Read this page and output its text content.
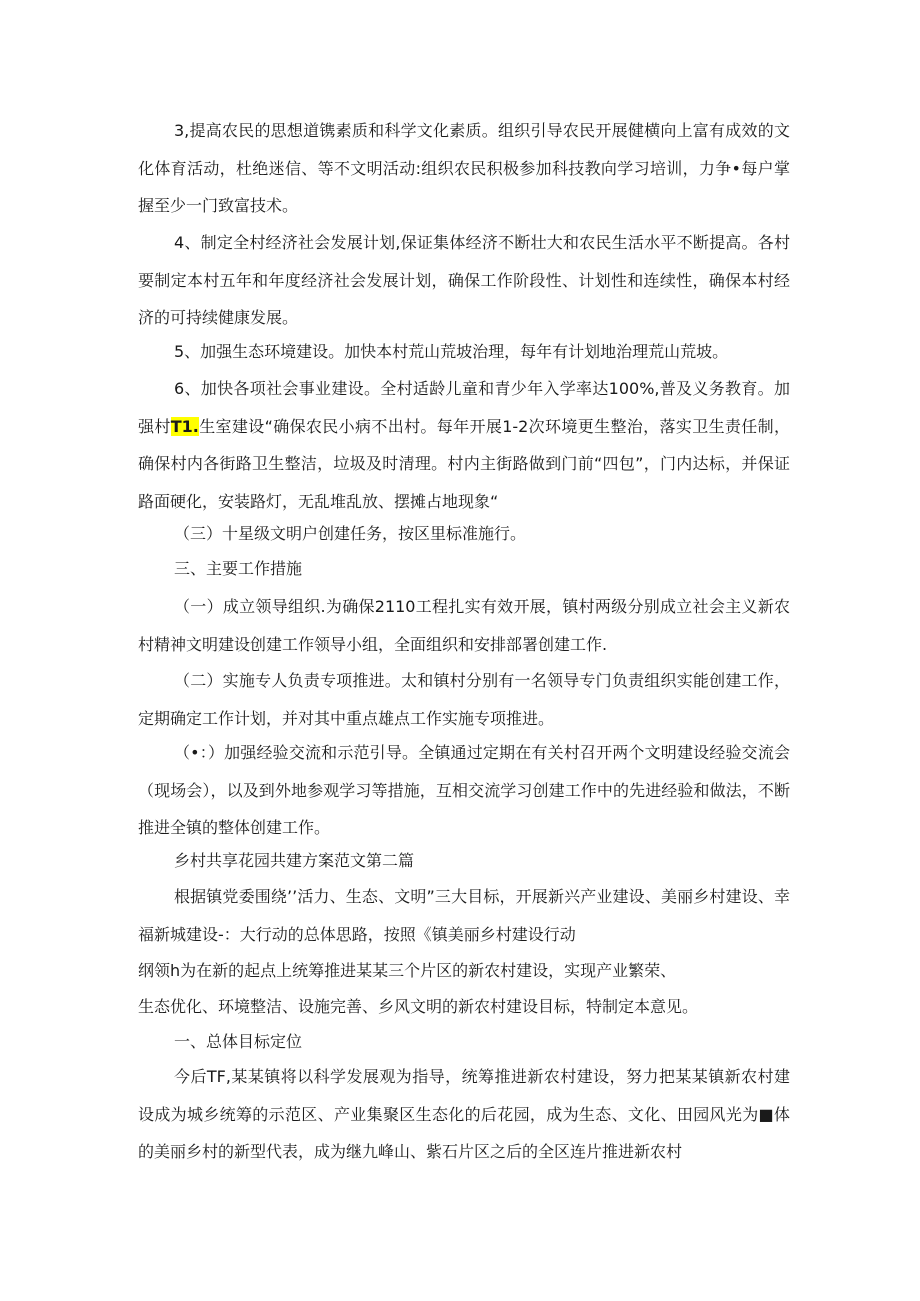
3,提高农民的思想道镌素质和科学文化素质。组织引导农民开展健横向上富有成效的文化体育活动，杜绝迷信、等不文明活动:组织农民积极参加科技教向学习培训，力争•每户掌握至少一门致富技术。

4、制定全村经济社会发展计划,保证集体经济不断壮大和农民生活水平不断提高。各村要制定本村五年和年度经济社会发展计划，确保工作阶段性、计划性和连续性，确保本村经济的可持续健康发展。

5、加强生态环境建设。加快本村荒山荒坡治理，每年有计划地治理荒山荒坡。

6、加快各项社会事业建设。全村适龄儿童和青少年入学率达100%,普及义务教育。加强村T1.生室建设“确保农民小病不出村。每年开展1-2次环境更生整治，落实卫生责任制，确保村内各街路卫生整洁，垃圾及时清理。村内主街路做到门前“四包”，门内达标，并保证路面硬化，安装路灯，无乱堆乱放、摆摊占地现象“

（三）十星级文明户创建任务，按区里标准施行。

三、主要工作措施

（一）成立领导组织.为确保2110工程扎实有效开展，镇村两级分别成立社会主义新农村精神文明建设创建工作领导小组，全面组织和安排部署创建工作.

（二）实施专人负责专项推进。太和镇村分别有一名领导专门负责组织实能创建工作，定期确定工作计划，并对其中重点雄点工作实施专项推进。

（•：）加强经验交流和示范引导。全镇通过定期在有关村召开两个文明建设经验交流会（现场会），以及到外地参观学习等措施，互相交流学习创建工作中的先进经验和做法，不断推进全镇的整体创建工作。

乡村共享花园共建方案范文第二篇

根据镇党委围绕’’活力、生态、文明”三大目标，开展新兴产业建设、美丽乡村建设、幸福新城建设-：大行动的总体思路，按照《镇美丽乡村建设行动

纲领h为在新的起点上统筹推进某某三个片区的新农村建设，实现产业繁荣、

生态优化、环境整洁、设施完善、乡风文明的新农村建设目标，特制定本意见。

一、总体目标定位

今后TF,某某镇将以科学发展观为指导，统筹推进新农村建设，努力把某某镇新农村建设成为城乡统筹的示范区、产业集聚区生态化的后花园，成为生态、文化、田园风光为■体的美丽乡村的新型代表，成为继九峰山、紫石片区之后的全区连片推进新农村
